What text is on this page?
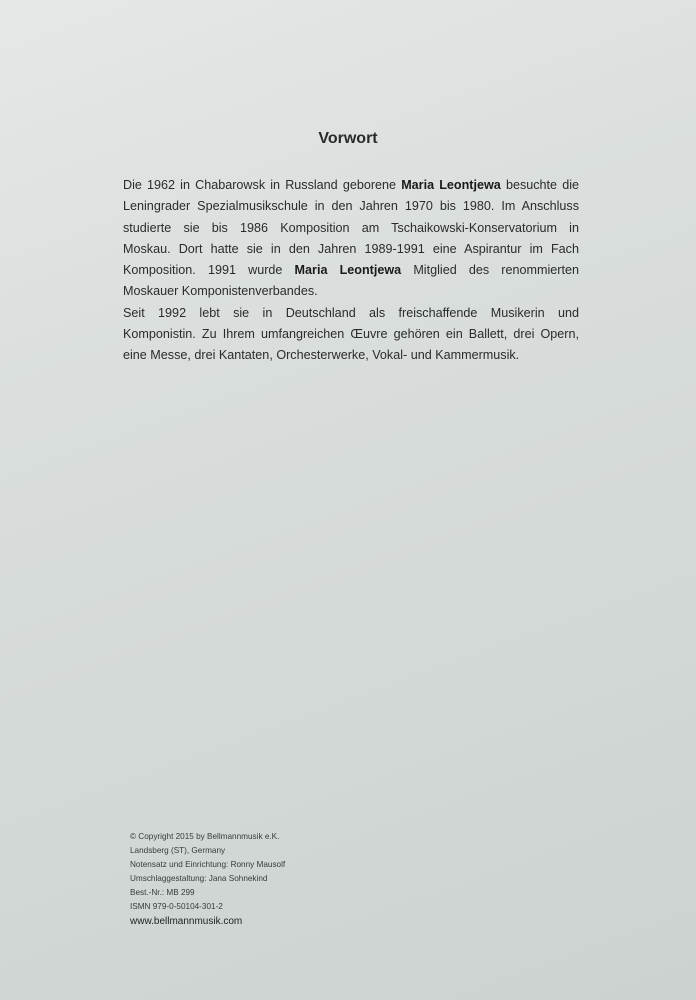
Vorwort
Die 1962 in Chabarowsk in Russland geborene Maria Leontjewa besuchte die
Leningrader Spezialmusikschule in den Jahren 1970 bis 1980. Im Anschluss
studierte sie bis 1986 Komposition am Tschaikowski-Konservatorium in
Moskau. Dort hatte sie in den Jahren 1989-1991 eine Aspirantur im Fach
Komposition. 1991 wurde Maria Leontjewa Mitglied des renommierten
Moskauer Komponistenverbandes.
Seit 1992 lebt sie in Deutschland als freischaffende Musikerin und
Komponistin. Zu Ihrem umfangreichen Œuvre gehören ein Ballett, drei Opern,
eine Messe, drei Kantaten, Orchesterwerke, Vokal- und Kammermusik.
© Copyright 2015 by Bellmannmusik e.K.
Landsberg (ST), Germany
Notensatz und Einrichtung: Ronny Mausolf
Umschlaggestaltung: Jana Sohnekind
Best.-Nr.: MB 299
ISMN 979-0-50104-301-2
www.bellmannmusik.com
